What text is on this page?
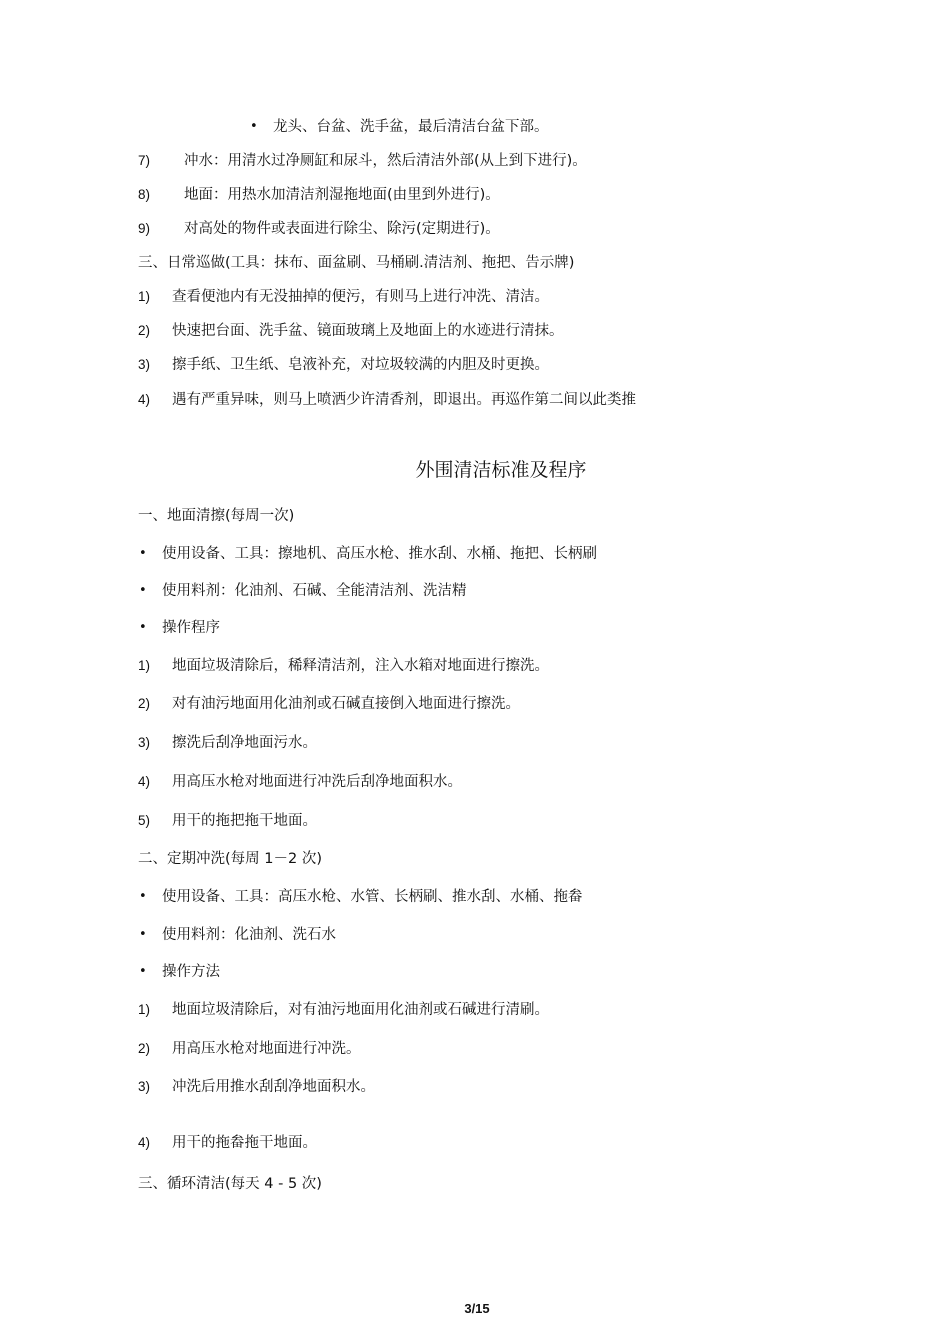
• 龙头、台盆、洗手盆，最后清洁台盆下部。
7) 冲水：用清水过净厕缸和尿斗，然后清洁外部(从上到下进行)。
8) 地面：用热水加清洁剂湿拖地面(由里到外进行)。
9) 对高处的物件或表面进行除尘、除污(定期进行)。
三、日常巡做(工具：抹布、面盆刷、马桶刷.清洁剂、拖把、告示牌)
1) 查看便池内有无没抽掉的便污，有则马上进行冲洗、清洁。
2) 快速把台面、洗手盆、镜面玻璃上及地面上的水迹进行清抹。
3) 擦手纸、卫生纸、皂液补充，对垃圾较满的内胆及时更换。
4) 遇有严重异味，则马上喷洒少许清香剂，即退出。再巡作第二间以此类推
外围清洁标准及程序
一、地面清擦(每周一次)
• 使用设备、工具：擦地机、高压水枪、推水刮、水桶、拖把、长柄刷
• 使用料剂：化油剂、石碱、全能清洁剂、洗洁精
• 操作程序
1) 地面垃圾清除后，稀释清洁剂，注入水箱对地面进行擦洗。
2) 对有油污地面用化油剂或石碱直接倒入地面进行擦洗。
3) 擦洗后刮净地面污水。
4) 用高压水枪对地面进行冲洗后刮净地面积水。
5) 用干的拖把拖干地面。
二、定期冲洗(每周 1－2 次)
• 使用设备、工具：高压水枪、水管、长柄刷、推水刮、水桶、拖畚
• 使用料剂：化油剂、洗石水
• 操作方法
1) 地面垃圾清除后，对有油污地面用化油剂或石碱进行清刷。
2) 用高压水枪对地面进行冲洗。
3) 冲洗后用推水刮刮净地面积水。
4) 用干的拖畚拖干地面。
三、循环清洁(每天 4 - 5 次)
3/15
